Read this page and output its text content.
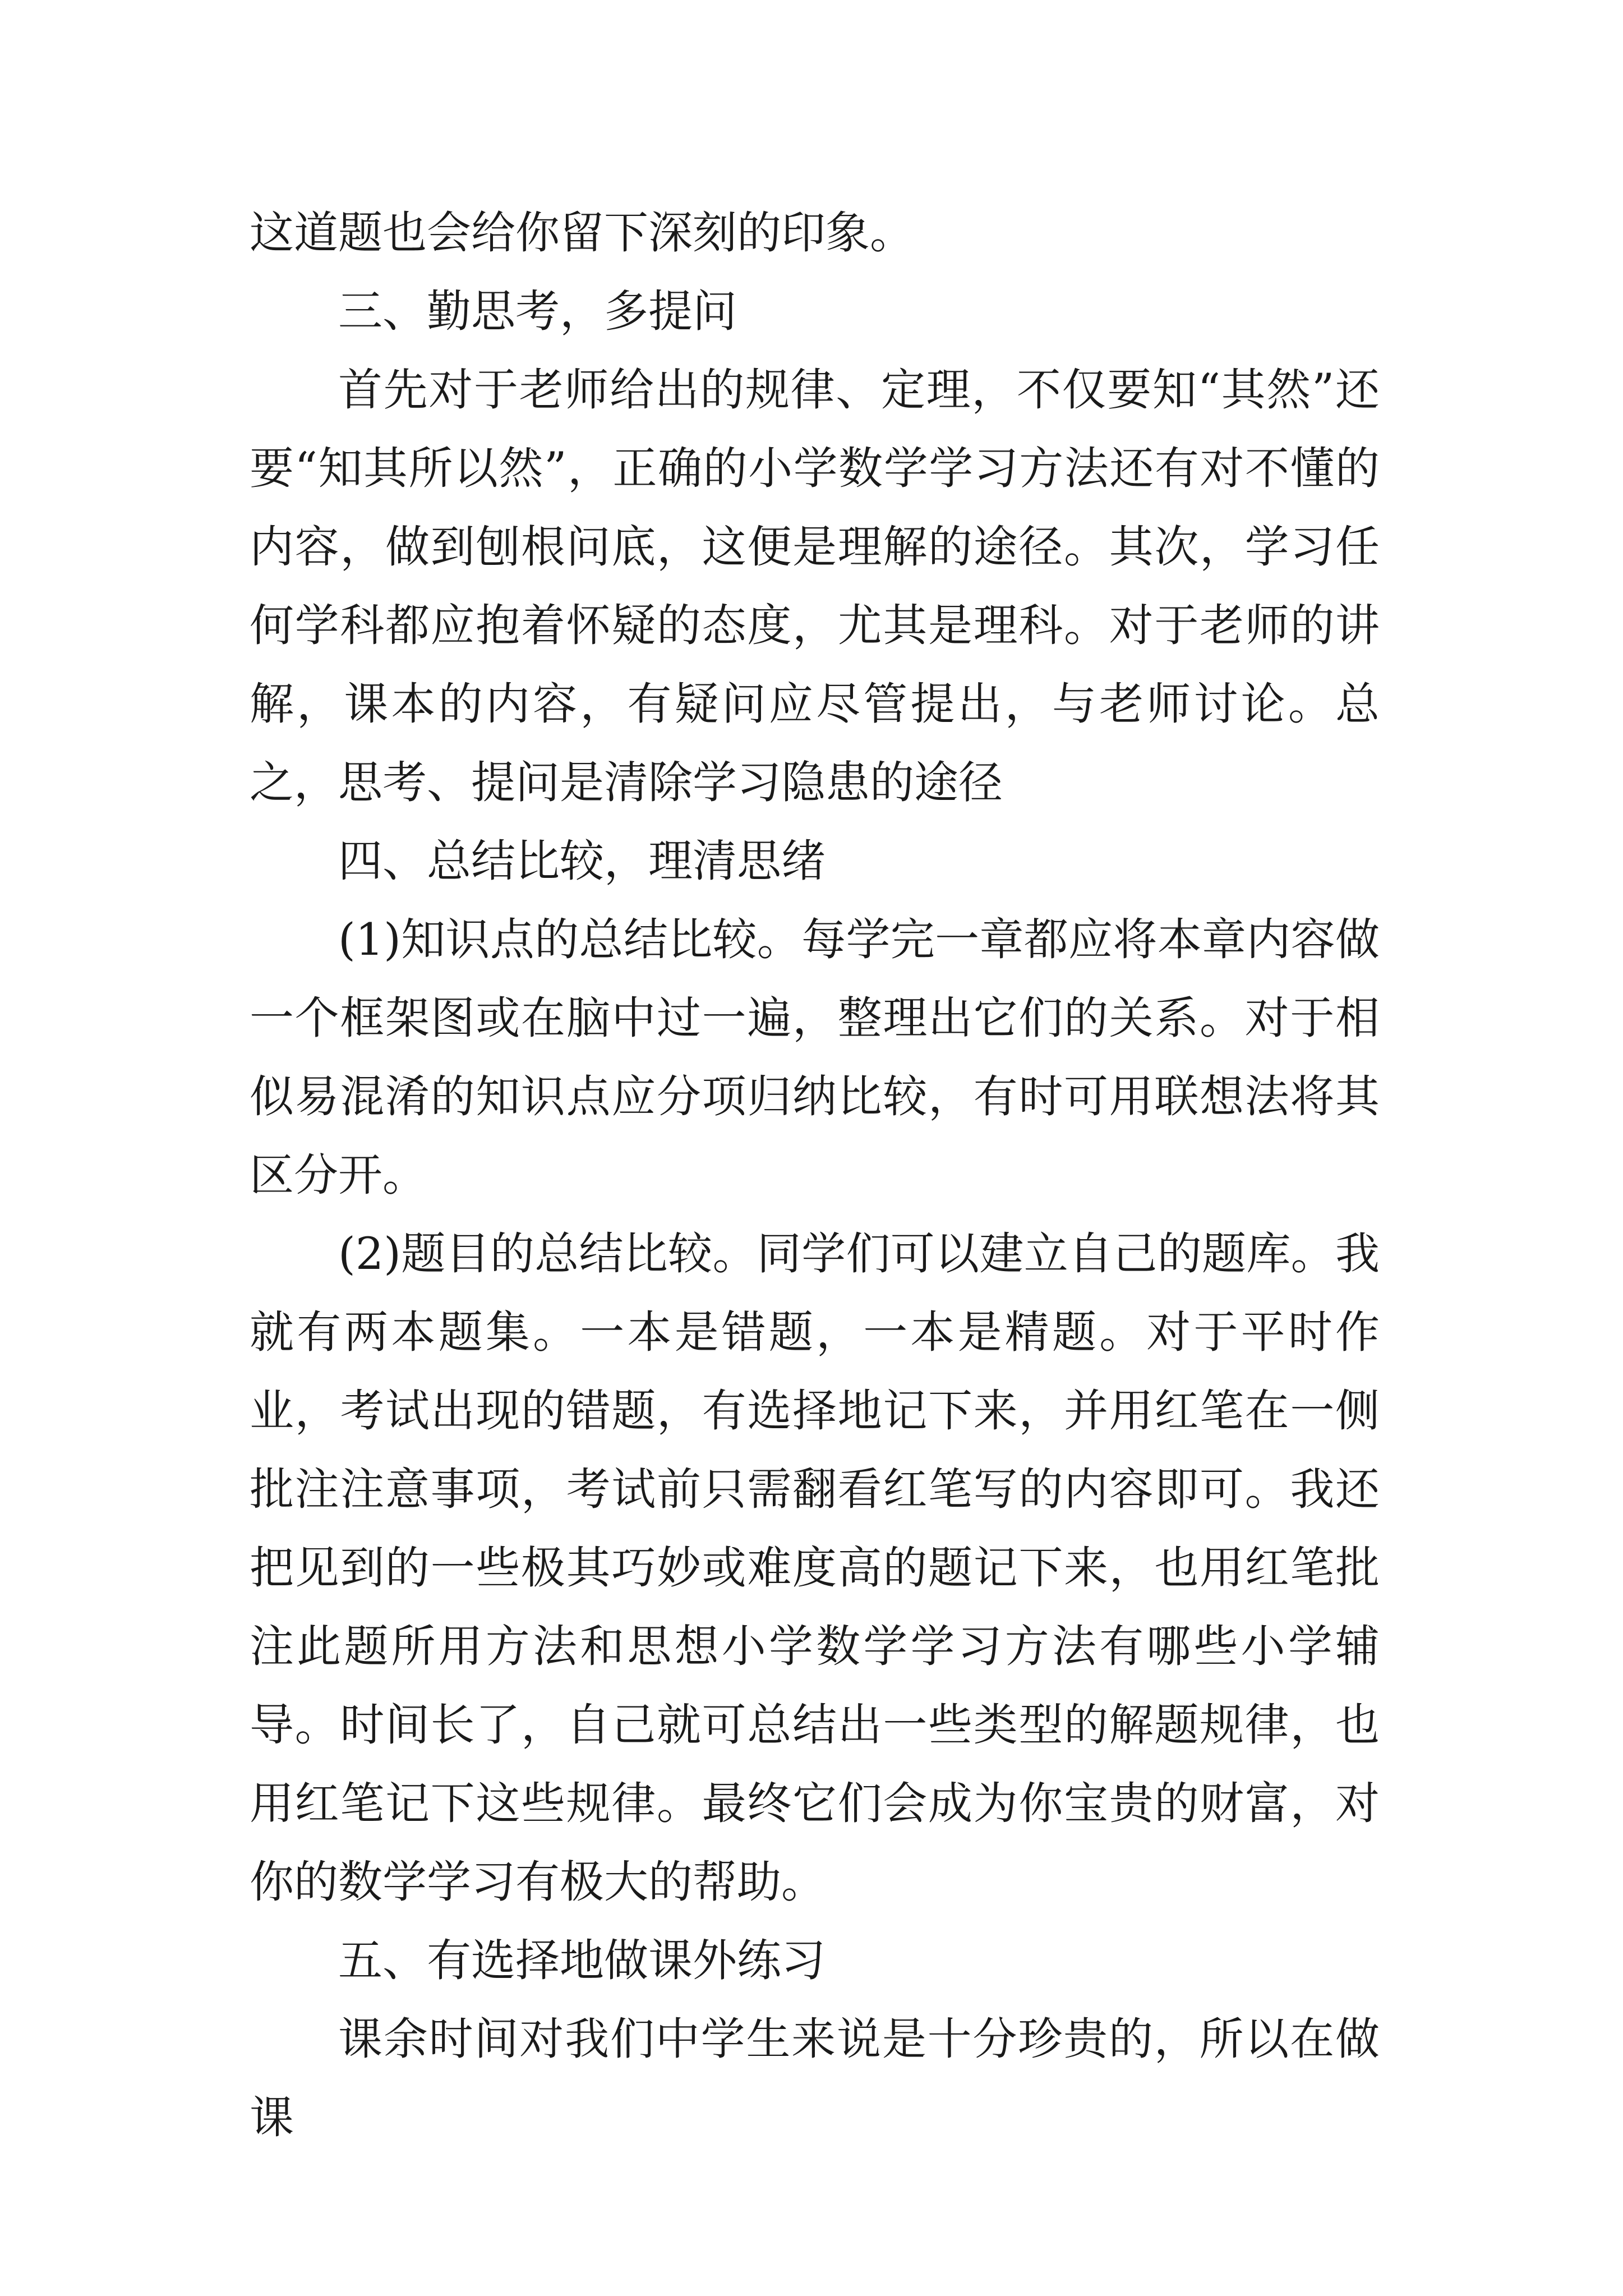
这道题也会给你留下深刻的印象。

三、勤思考，多提问

首先对于老师给出的规律、定理，不仅要知“其然”还要“知其所以然”，正确的小学数学学习方法还有对不懂的内容，做到刨根问底，这便是理解的途径。其次，学习任何学科都应抱着怀疑的态度，尤其是理科。对于老师的讲解，课本的内容，有疑问应尽管提出，与老师讨论。总之，思考、提问是清除学习隐患的途径

四、总结比较，理清思绪

(1)知识点的总结比较。每学完一章都应将本章内容做一个框架图或在脑中过一遍，整理出它们的关系。对于相似易混淆的知识点应分项归纳比较，有时可用联想法将其区分开。

(2)题目的总结比较。同学们可以建立自己的题库。我就有两本题集。一本是错题，一本是精题。对于平时作业，考试出现的错题，有选择地记下来，并用红笔在一侧批注注意事项，考试前只需翻看红笔写的内容即可。我还把见到的一些极其巧妙或难度高的题记下来，也用红笔批注此题所用方法和思想小学数学学习方法有哪些小学辅导。时间长了，自己就可总结出一些类型的解题规律，也用红笔记下这些规律。最终它们会成为你宝贵的财富，对你的数学学习有极大的帮助。

五、有选择地做课外练习

课余时间对我们中学生来说是十分珍贵的，所以在做课
